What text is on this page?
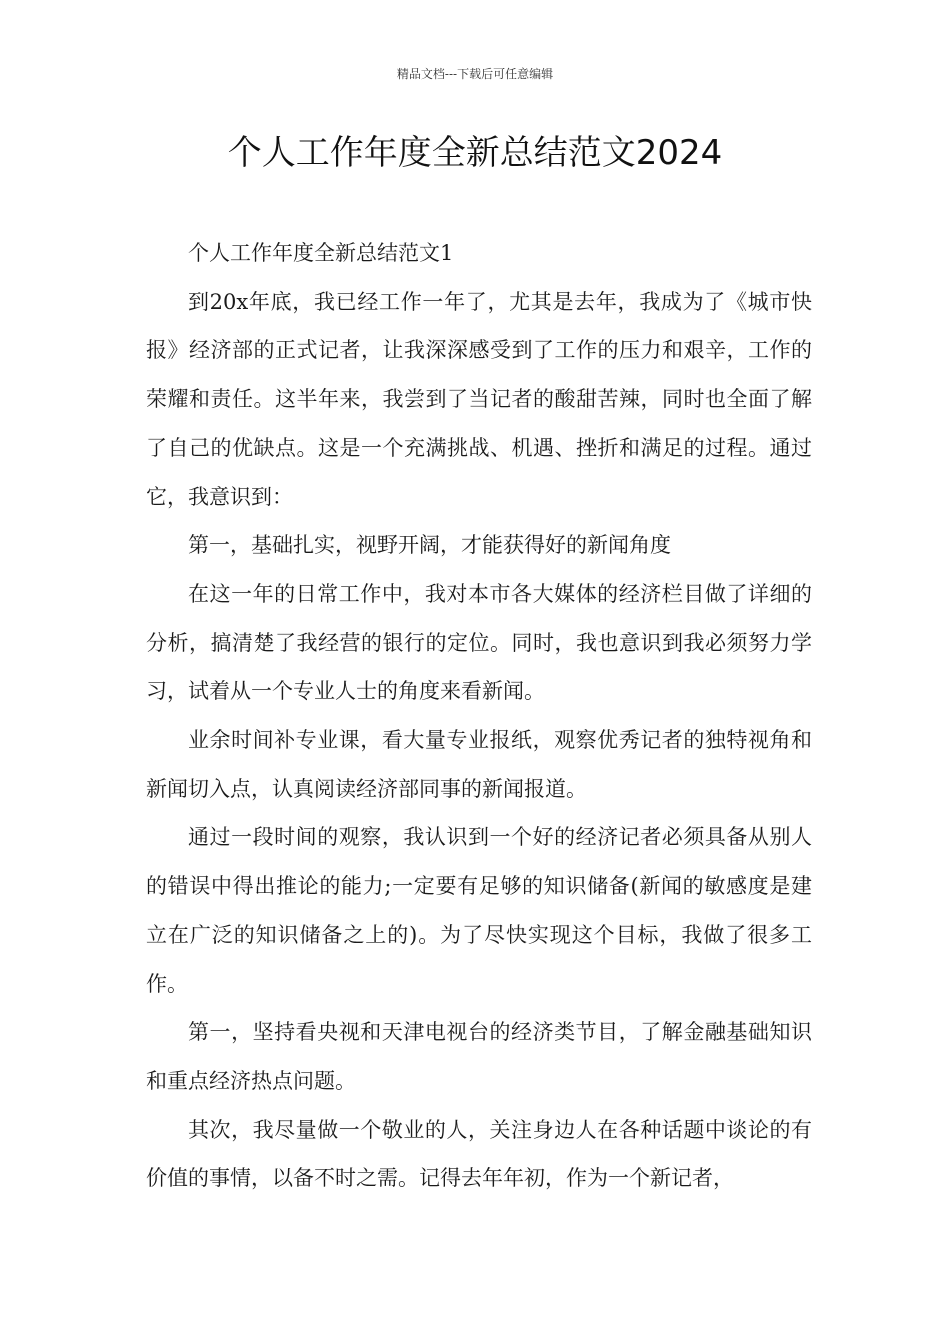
精品文档---下载后可任意编辑
个人工作年度全新总结范文2024

个人工作年度全新总结范文1

到20x年底，我已经工作一年了，尤其是去年，我成为了《城市快报》经济部的正式记者，让我深深感受到了工作的压力和艰辛，工作的荣耀和责任。这半年来，我尝到了当记者的酸甜苦辣，同时也全面了解了自己的优缺点。这是一个充满挑战、机遇、挫折和满足的过程。通过它，我意识到：

第一，基础扎实，视野开阔，才能获得好的新闻角度

在这一年的日常工作中，我对本市各大媒体的经济栏目做了详细的分析，搞清楚了我经营的银行的定位。同时，我也意识到我必须努力学习，试着从一个专业人士的角度来看新闻。

业余时间补专业课，看大量专业报纸，观察优秀记者的独特视角和新闻切入点，认真阅读经济部同事的新闻报道。

通过一段时间的观察，我认识到一个好的经济记者必须具备从别人的错误中得出推论的能力;一定要有足够的知识储备(新闻的敏感度是建立在广泛的知识储备之上的)。为了尽快实现这个目标，我做了很多工作。

第一，坚持看央视和天津电视台的经济类节目，了解金融基础知识和重点经济热点问题。

其次，我尽量做一个敬业的人，关注身边人在各种话题中谈论的有价值的事情，以备不时之需。记得去年年初，作为一个新记者，
